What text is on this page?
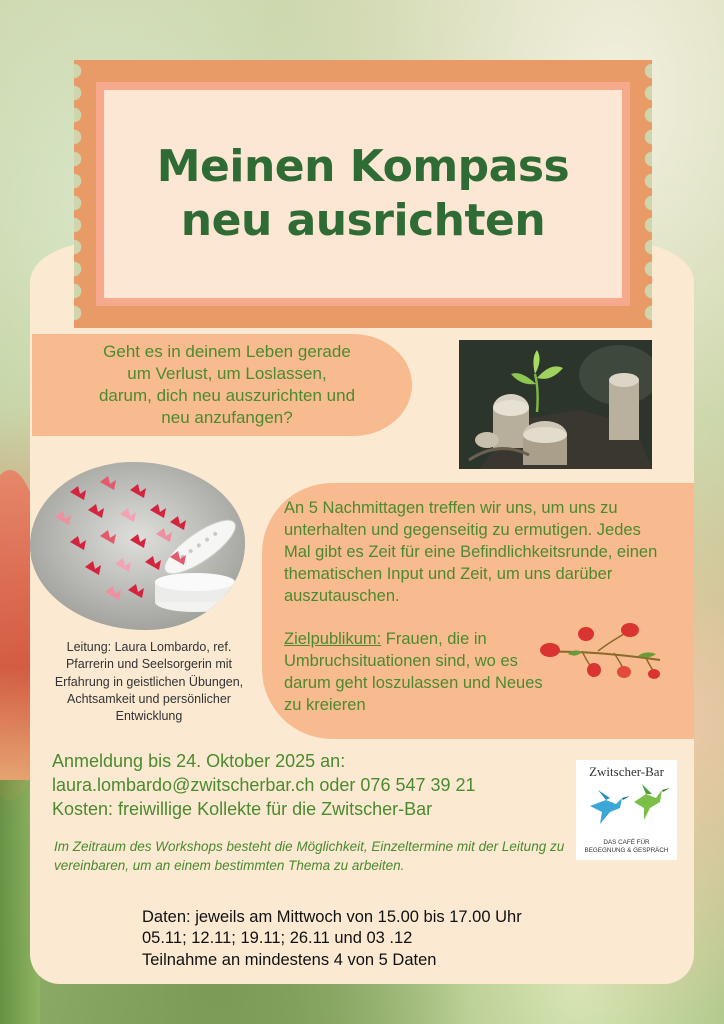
Meinen Kompass
neu ausrichten
Geht es in deinem Leben gerade
um Verlust, um Loslassen,
darum, dich neu auszurichten und
neu anzufangen?
Leitung: Laura Lombardo, ref.
Pfarrerin und Seelsorgerin mit
Erfahrung in geistlichen Übungen,
Achtsamkeit und persönlicher
Entwicklung

An 5 Nachmittagen treffen wir uns, um uns zu unterhalten und gegenseitig zu ermutigen. Jedes Mal gibt es Zeit für eine Befindlichkeitsrunde, einen thematischen Input und Zeit, um uns darüber auszutauschen.

Zielpublikum: Frauen, die in Umbruchsituationen sind, wo es darum geht loszulassen und Neues zu kreieren

Anmeldung bis 24. Oktober 2025 an:
laura.lombardo@zwitscherbar.ch oder 076 547 39 21
Kosten: freiwillige Kollekte für die Zwitscher-Bar
Zwitscher-Bar
DAS CAFÉ FÜR
BEGEGNUNG & GESPRÄCH
Im Zeitraum des Workshops besteht die Möglichkeit, Einzeltermine mit der Leitung zu vereinbaren, um an einem bestimmten Thema zu arbeiten.
Daten: jeweils am Mittwoch von 15.00 bis 17.00 Uhr
05.11; 12.11; 19.11; 26.11 und 03 .12
Teilnahme an mindestens 4 von 5 Daten
